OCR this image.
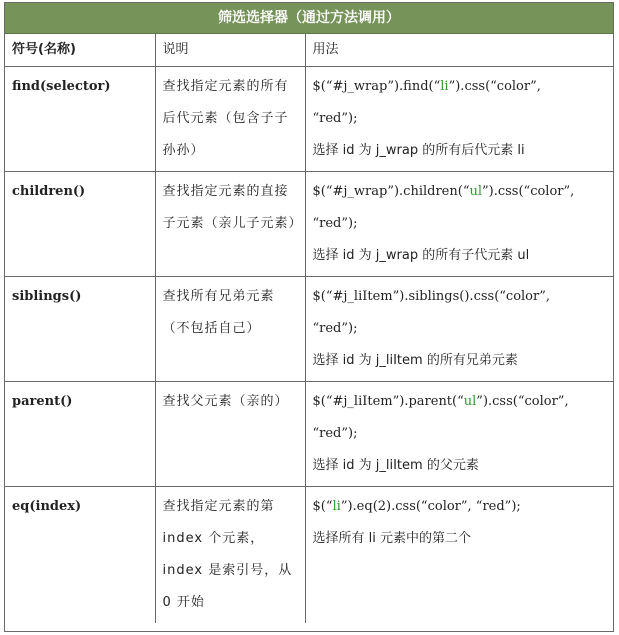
筛选选择器（通过方法调用）
符号(名称)	说明	用法
find(selector)	查找指定元素的所有后代元素（包含子子孙孙）	$(“#j_wrap”).find(“li”).css(“color”,
“red”);
选择 id 为 j_wrap 的所有后代元素 li

children()	查找指定元素的直接子元素（亲儿子元素）	$(“#j_wrap”).children(“ul”).css(“color”,
“red”);
选择 id 为 j_wrap 的所有子代元素 ul

siblings()	查找所有兄弟元素（不包括自己）	$(“#j_liItem”).siblings().css(“color”,
“red”);
选择 id 为 j_liItem 的所有兄弟元素

parent()	查找父元素（亲的）	$(“#j_liItem”).parent(“ul”).css(“color”,
“red”);
选择 id 为 j_liItem 的父元素

eq(index)	查找指定元素的第 index 个元素，index 是索引号，从 0 开始	$(“li”).eq(2).css(“color”, “red”);
选择所有 li 元素中的第二个
